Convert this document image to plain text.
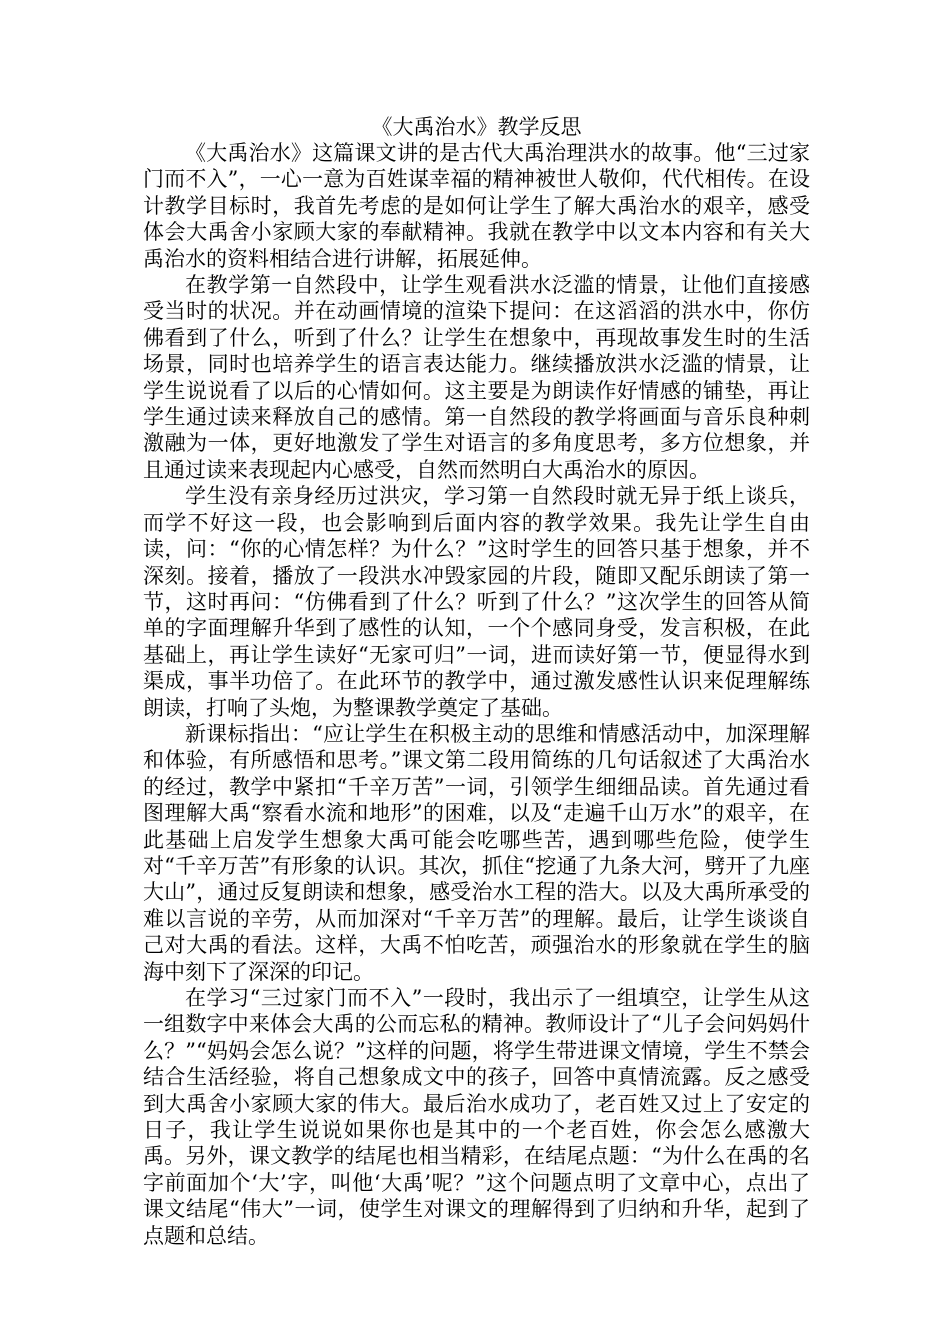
《大禹治水》教学反思

《大禹治水》这篇课文讲的是古代大禹治理洪水的故事。他“三过家门而不入”，一心一意为百姓谋幸福的精神被世人敬仰，代代相传。在设计教学目标时，我首先考虑的是如何让学生了解大禹治水的艰辛，感受体会大禹舍小家顾大家的奉献精神。我就在教学中以文本内容和有关大禹治水的资料相结合进行讲解，拓展延伸。

在教学第一自然段中，让学生观看洪水泛滥的情景，让他们直接感受当时的状况。并在动画情境的渲染下提问：在这滔滔的洪水中，你仿佛看到了什么，听到了什么？让学生在想象中，再现故事发生时的生活场景，同时也培养学生的语言表达能力。继续播放洪水泛滥的情景，让学生说说看了以后的心情如何。这主要是为朗读作好情感的铺垫，再让学生通过读来释放自己的感情。第一自然段的教学将画面与音乐良种刺激融为一体，更好地激发了学生对语言的多角度思考，多方位想象，并且通过读来表现起内心感受，自然而然明白大禹治水的原因。

学生没有亲身经历过洪灾，学习第一自然段时就无异于纸上谈兵，而学不好这一段，也会影响到后面内容的教学效果。我先让学生自由读，问：“你的心情怎样？为什么？”这时学生的回答只基于想象，并不深刻。接着，播放了一段洪水冲毁家园的片段，随即又配乐朗读了第一节，这时再问：“仿佛看到了什么？听到了什么？”这次学生的回答从简单的字面理解升华到了感性的认知，一个个感同身受，发言积极，在此基础上，再让学生读好“无家可归”一词，进而读好第一节，便显得水到渠成，事半功倍了。在此环节的教学中，通过激发感性认识来促理解练朗读，打响了头炮，为整课教学奠定了基础。

新课标指出：“应让学生在积极主动的思维和情感活动中，加深理解和体验，有所感悟和思考。”课文第二段用简练的几句话叙述了大禹治水的经过，教学中紧扣“千辛万苦”一词，引领学生细细品读。首先通过看图理解大禹“察看水流和地形”的困难，以及“走遍千山万水”的艰辛，在此基础上启发学生想象大禹可能会吃哪些苦，遇到哪些危险，使学生对“千辛万苦”有形象的认识。其次，抓住“挖通了九条大河，劈开了九座大山”，通过反复朗读和想象，感受治水工程的浩大。以及大禹所承受的难以言说的辛劳，从而加深对“千辛万苦”的理解。最后，让学生谈谈自己对大禹的看法。这样，大禹不怕吃苦，顽强治水的形象就在学生的脑海中刻下了深深的印记。

在学习“三过家门而不入”一段时，我出示了一组填空，让学生从这一组数字中来体会大禹的公而忘私的精神。教师设计了“儿子会问妈妈什么？”“妈妈会怎么说？”这样的问题，将学生带进课文情境，学生不禁会结合生活经验，将自己想象成文中的孩子，回答中真情流露。反之感受到大禹舍小家顾大家的伟大。最后治水成功了，老百姓又过上了安定的日子，我让学生说说如果你也是其中的一个老百姓，你会怎么感激大禹。另外，课文教学的结尾也相当精彩，在结尾点题：“为什么在禹的名字前面加个‘大’字，叫他‘大禹’呢？”这个问题点明了文章中心，点出了课文结尾“伟大”一词，使学生对课文的理解得到了归纳和升华，起到了点题和总结。
